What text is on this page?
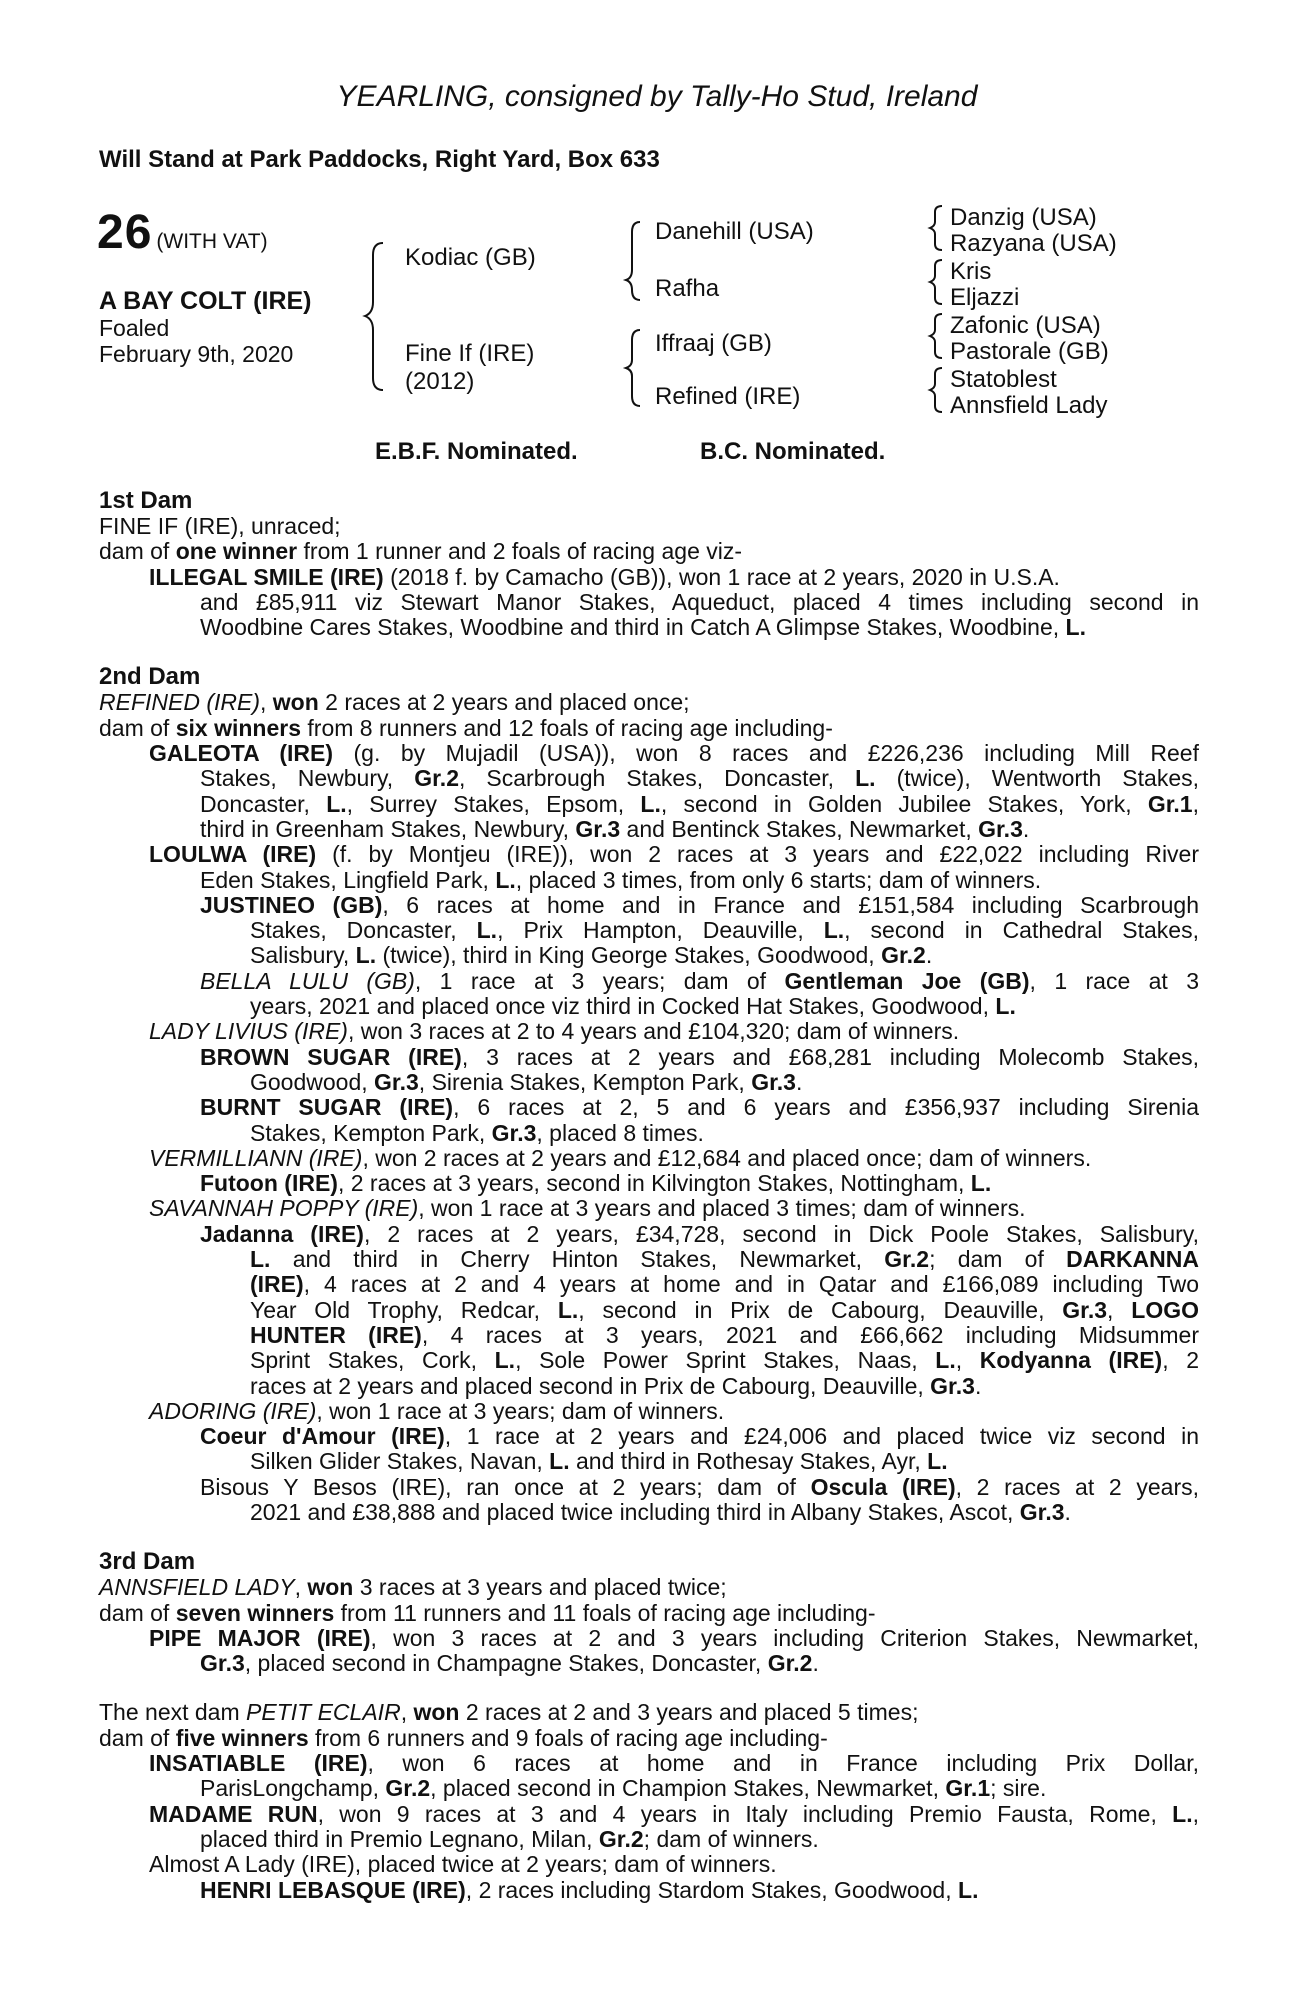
YEARLING, consigned by Tally-Ho Stud, Ireland
Will Stand at Park Paddocks, Right Yard, Box 633
26 (WITH VAT)
A BAY COLT (IRE)
Foaled
February 9th, 2020
Kodiac (GB)
Fine If (IRE)
(2012)
Danehill (USA)
Rafha
Iffraaj (GB)
Refined (IRE)
Danzig (USA)
Razyana (USA)
Kris
Eljazzi
Zafonic (USA)
Pastorale (GB)
Statoblest
Annsfield Lady
E.B.F. Nominated.	B.C. Nominated.
1st Dam
FINE IF (IRE), unraced;
dam of one winner from 1 runner and 2 foals of racing age viz-
ILLEGAL SMILE (IRE) (2018 f. by Camacho (GB)), won 1 race at 2 years, 2020 in U.S.A.
and £85,911 viz Stewart Manor Stakes, Aqueduct, placed 4 times including second in
Woodbine Cares Stakes, Woodbine and third in Catch A Glimpse Stakes, Woodbine, L.
2nd Dam
REFINED (IRE), won 2 races at 2 years and placed once;
dam of six winners from 8 runners and 12 foals of racing age including-
GALEOTA (IRE) (g. by Mujadil (USA)), won 8 races and £226,236 including Mill Reef
Stakes, Newbury, Gr.2, Scarbrough Stakes, Doncaster, L. (twice), Wentworth Stakes,
Doncaster, L., Surrey Stakes, Epsom, L., second in Golden Jubilee Stakes, York, Gr.1,
third in Greenham Stakes, Newbury, Gr.3 and Bentinck Stakes, Newmarket, Gr.3.
LOULWA (IRE) (f. by Montjeu (IRE)), won 2 races at 3 years and £22,022 including River
Eden Stakes, Lingfield Park, L., placed 3 times, from only 6 starts; dam of winners.
JUSTINEO (GB), 6 races at home and in France and £151,584 including Scarbrough
Stakes, Doncaster, L., Prix Hampton, Deauville, L., second in Cathedral Stakes,
Salisbury, L. (twice), third in King George Stakes, Goodwood, Gr.2.
BELLA LULU (GB), 1 race at 3 years; dam of Gentleman Joe (GB), 1 race at 3
years, 2021 and placed once viz third in Cocked Hat Stakes, Goodwood, L.
LADY LIVIUS (IRE), won 3 races at 2 to 4 years and £104,320; dam of winners.
BROWN SUGAR (IRE), 3 races at 2 years and £68,281 including Molecomb Stakes,
Goodwood, Gr.3, Sirenia Stakes, Kempton Park, Gr.3.
BURNT SUGAR (IRE), 6 races at 2, 5 and 6 years and £356,937 including Sirenia
Stakes, Kempton Park, Gr.3, placed 8 times.
VERMILLIANN (IRE), won 2 races at 2 years and £12,684 and placed once; dam of winners.
Futoon (IRE), 2 races at 3 years, second in Kilvington Stakes, Nottingham, L.
SAVANNAH POPPY (IRE), won 1 race at 3 years and placed 3 times; dam of winners.
Jadanna (IRE), 2 races at 2 years, £34,728, second in Dick Poole Stakes, Salisbury,
L. and third in Cherry Hinton Stakes, Newmarket, Gr.2; dam of DARKANNA
(IRE), 4 races at 2 and 4 years at home and in Qatar and £166,089 including Two
Year Old Trophy, Redcar, L., second in Prix de Cabourg, Deauville, Gr.3, LOGO
HUNTER (IRE), 4 races at 3 years, 2021 and £66,662 including Midsummer
Sprint Stakes, Cork, L., Sole Power Sprint Stakes, Naas, L., Kodyanna (IRE), 2
races at 2 years and placed second in Prix de Cabourg, Deauville, Gr.3.
ADORING (IRE), won 1 race at 3 years; dam of winners.
Coeur d'Amour (IRE), 1 race at 2 years and £24,006 and placed twice viz second in
Silken Glider Stakes, Navan, L. and third in Rothesay Stakes, Ayr, L.
Bisous Y Besos (IRE), ran once at 2 years; dam of Oscula (IRE), 2 races at 2 years,
2021 and £38,888 and placed twice including third in Albany Stakes, Ascot, Gr.3.
3rd Dam
ANNSFIELD LADY, won 3 races at 3 years and placed twice;
dam of seven winners from 11 runners and 11 foals of racing age including-
PIPE MAJOR (IRE), won 3 races at 2 and 3 years including Criterion Stakes, Newmarket,
Gr.3, placed second in Champagne Stakes, Doncaster, Gr.2.
The next dam PETIT ECLAIR, won 2 races at 2 and 3 years and placed 5 times;
dam of five winners from 6 runners and 9 foals of racing age including-
INSATIABLE (IRE), won 6 races at home and in France including Prix Dollar,
ParisLongchamp, Gr.2, placed second in Champion Stakes, Newmarket, Gr.1; sire.
MADAME RUN, won 9 races at 3 and 4 years in Italy including Premio Fausta, Rome, L.,
placed third in Premio Legnano, Milan, Gr.2; dam of winners.
Almost A Lady (IRE), placed twice at 2 years; dam of winners.
HENRI LEBASQUE (IRE), 2 races including Stardom Stakes, Goodwood, L.
